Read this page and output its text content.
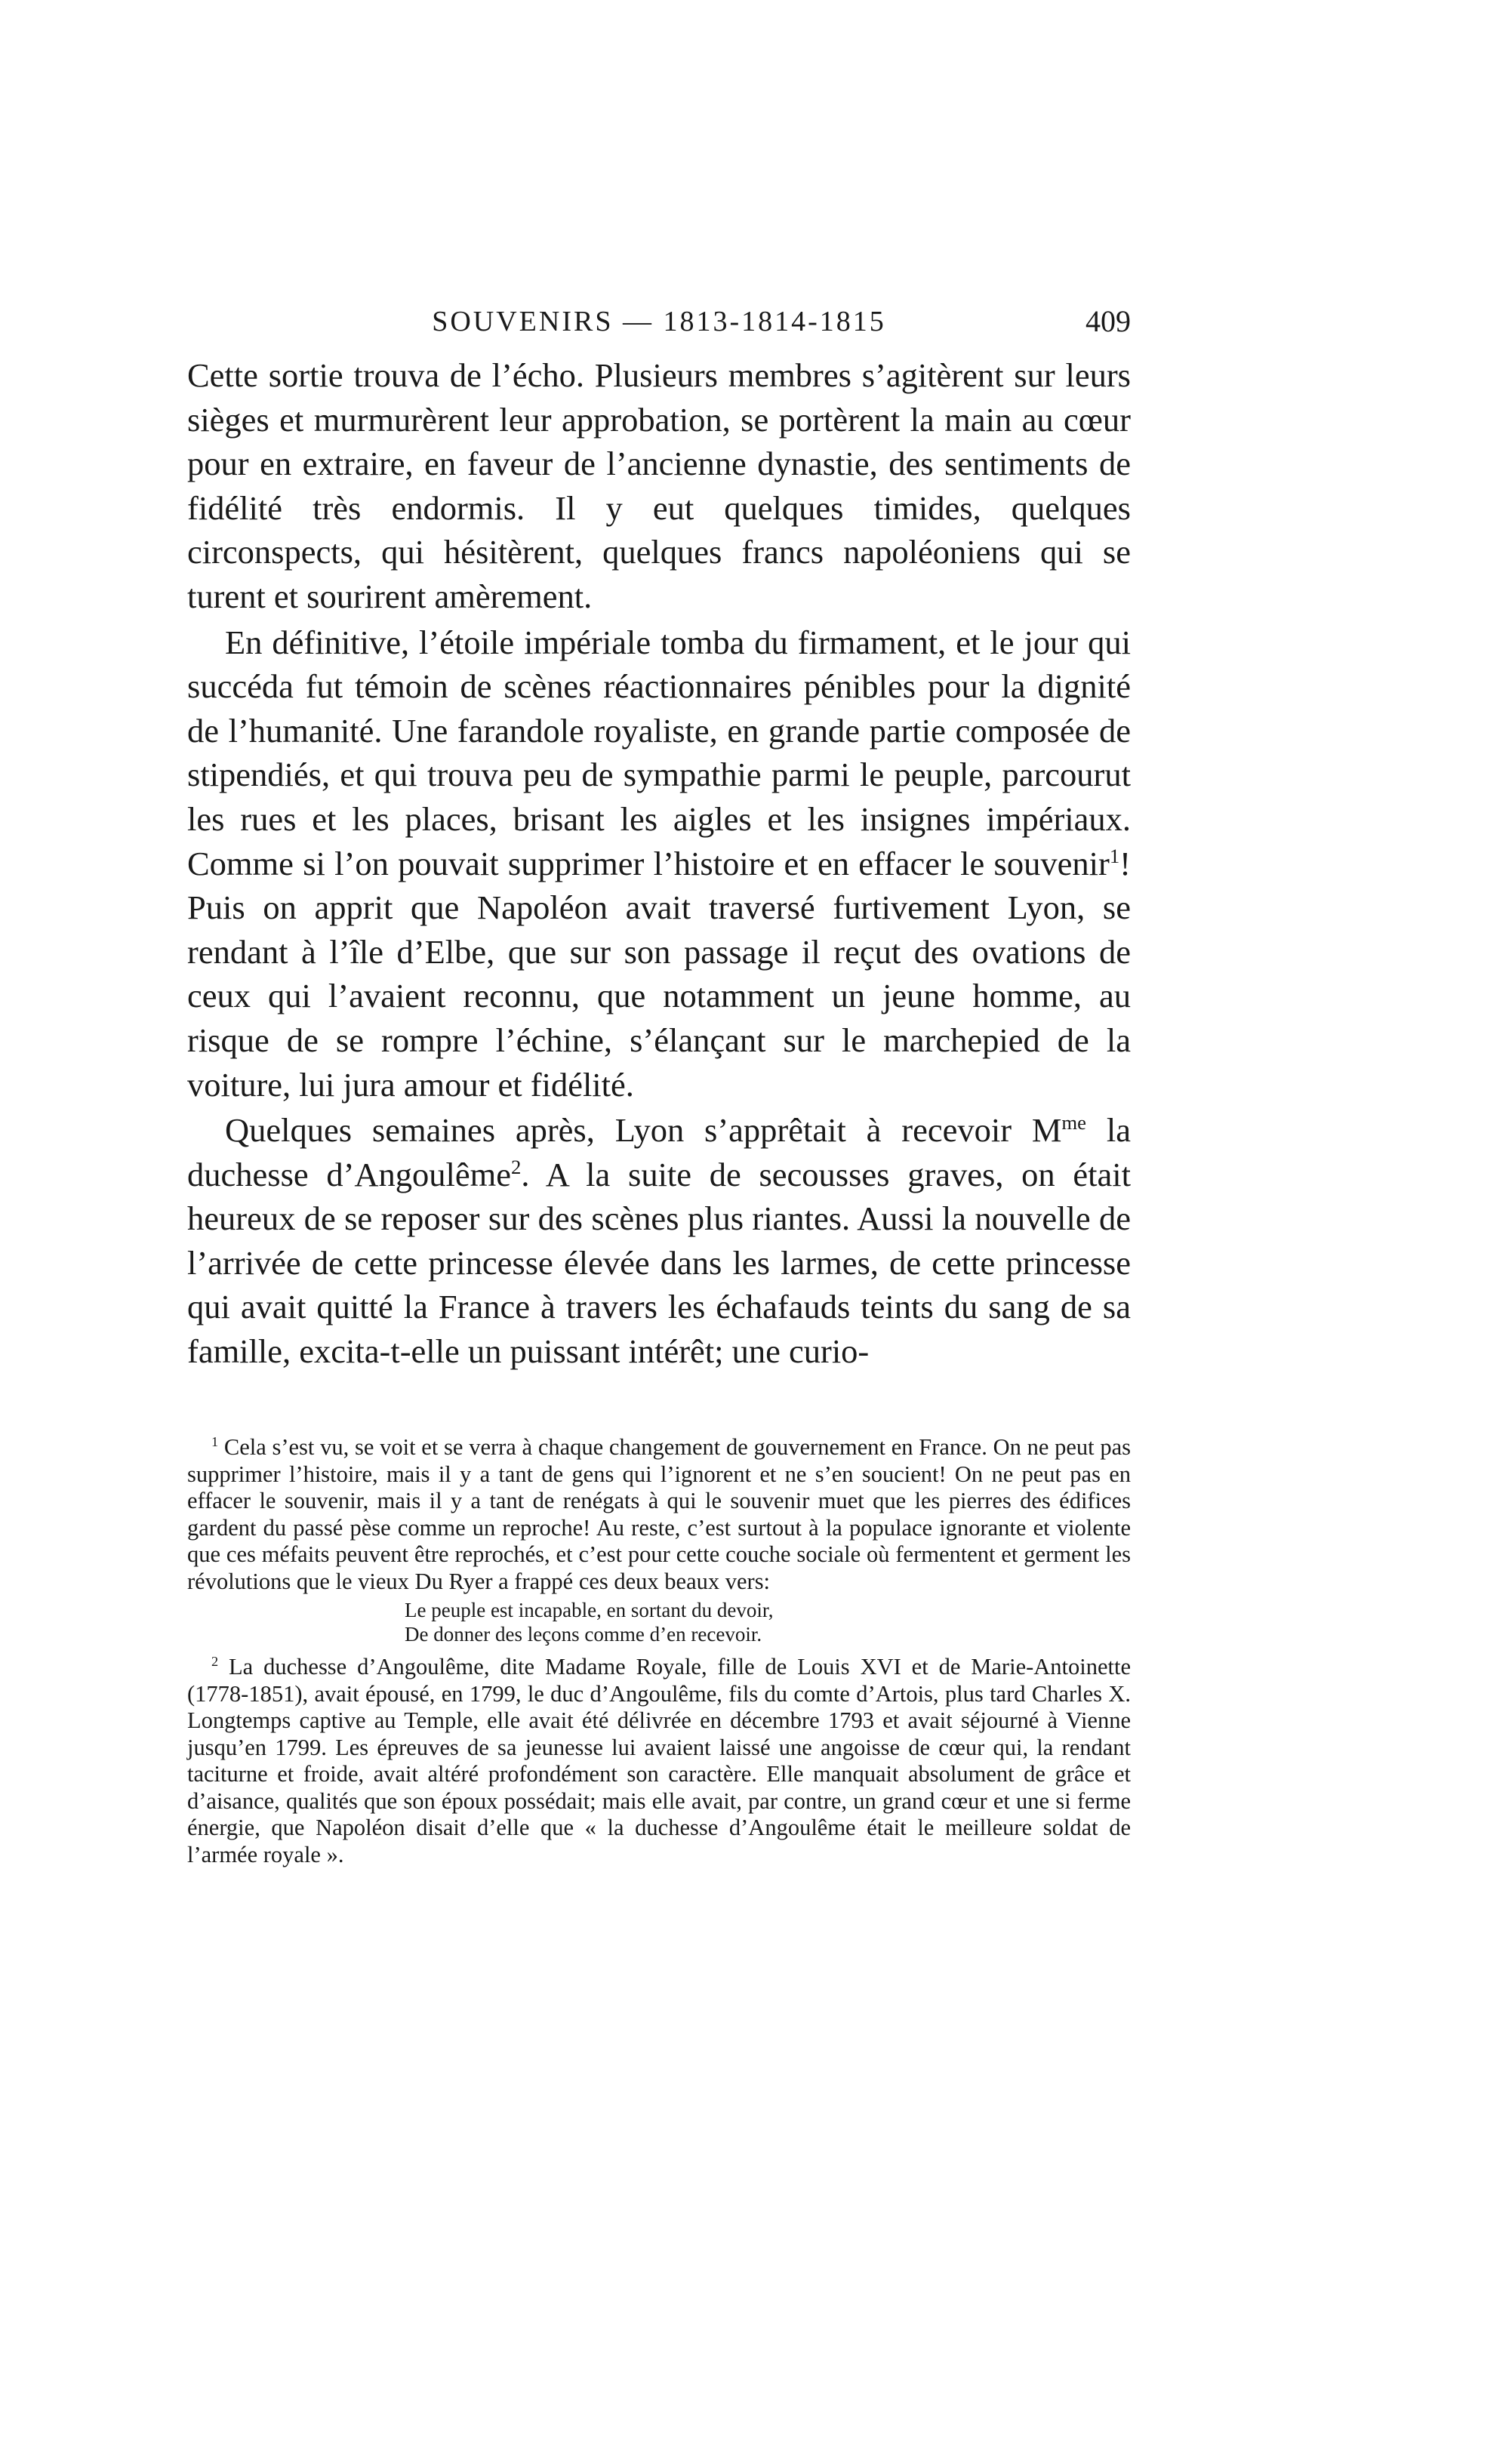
SOUVENIRS — 1813-1814-1815	409

Cette sortie trouva de l’écho. Plusieurs membres s’agitèrent sur leurs sièges et murmurèrent leur approbation, se portèrent la main au cœur pour en extraire, en faveur de l’ancienne dynastie, des sentiments de fidélité très endormis. Il y eut quelques timides, quelques circonspects, qui hésitèrent, quelques francs napoléoniens qui se turent et sourirent amèrement.

En définitive, l’étoile impériale tomba du firmament, et le jour qui succéda fut témoin de scènes réactionnaires pénibles pour la dignité de l’humanité. Une farandole royaliste, en grande partie composée de stipendiés, et qui trouva peu de sympathie parmi le peuple, parcourut les rues et les places, brisant les aigles et les insignes impériaux. Comme si l’on pouvait supprimer l’histoire et en effacer le souvenir$^1$! Puis on apprit que Napoléon avait traversé furtivement Lyon, se rendant à l’île d’Elbe, que sur son passage il reçut des ovations de ceux qui l’avaient reconnu, que notamment un jeune homme, au risque de se rompre l’échine, s’élançant sur le marchepied de la voiture, lui jura amour et fidélité.

Quelques semaines après, Lyon s’apprêtait à recevoir $M^{me}$ la duchesse d’Angoulême$^2$. A la suite de secousses graves, on était heureux de se reposer sur des scènes plus riantes. Aussi la nouvelle de l’arrivée de cette princesse élevée dans les larmes, de cette princesse qui avait quitté la France à travers les échafauds teints du sang de sa famille, excita-t-elle un puissant intérêt; une curio-

$^1$ Cela s’est vu, se voit et se verra à chaque changement de gouvernement en France. On ne peut pas supprimer l’histoire, mais il y a tant de gens qui l’ignorent et ne s’en soucient! On ne peut pas en effacer le souvenir, mais il y a tant de renégats à qui le souvenir muet que les pierres des édifices gardent du passé pèse comme un reproche! Au reste, c’est surtout à la populace ignorante et violente que ces méfaits peuvent être reprochés, et c’est pour cette couche sociale où fermentent et germent les révolutions que le vieux Du Ryer a frappé ces deux beaux vers:

Le peuple est incapable, en sortant du devoir,
De donner des leçons comme d’en recevoir.

$^2$ La duchesse d’Angoulême, dite Madame Royale, fille de Louis XVI et de Marie-Antoinette (1778-1851), avait épousé, en 1799, le duc d’Angoulême, fils du comte d’Artois, plus tard Charles X. Longtemps captive au Temple, elle avait été délivrée en décembre 1793 et avait séjourné à Vienne jusqu’en 1799. Les épreuves de sa jeunesse lui avaient laissé une angoisse de cœur qui, la rendant taciturne et froide, avait altéré profondément son caractère. Elle manquait absolument de grâce et d’aisance, qualités que son époux possédait; mais elle avait, par contre, un grand cœur et une si ferme énergie, que Napoléon disait d’elle que « la duchesse d’Angoulême était le meilleure soldat de l’armée royale ».
